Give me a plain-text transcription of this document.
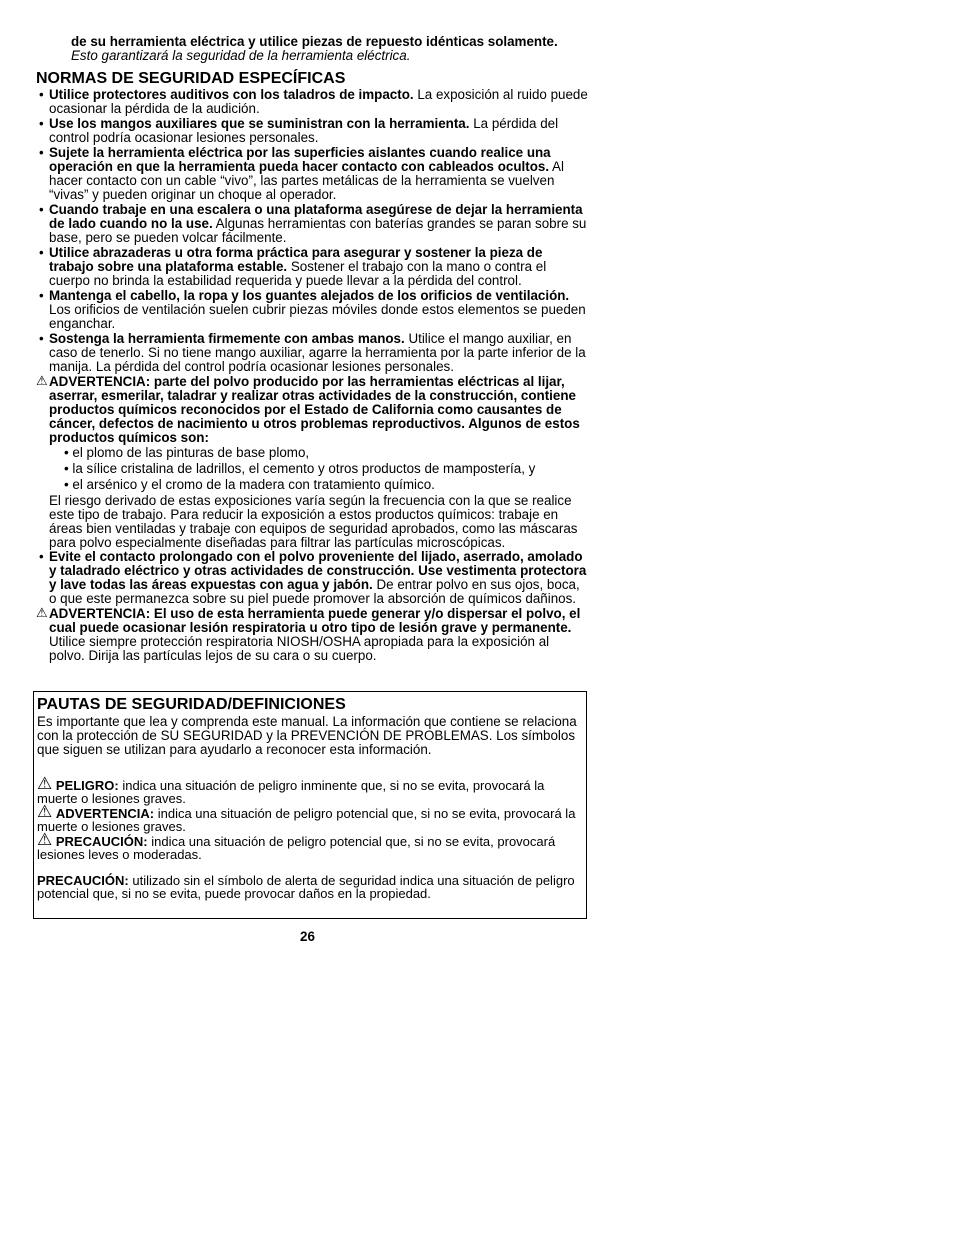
de su herramienta eléctrica y utilice piezas de repuesto idénticas solamente.
Esto garantizará la seguridad de la herramienta eléctrica.
NORMAS DE SEGURIDAD ESPECÍFICAS
• Utilice protectores auditivos con los taladros de impacto. La exposición al ruido puede ocasionar la pérdida de la audición.
• Use los mangos auxiliares que se suministran con la herramienta. La pérdida del control podría ocasionar lesiones personales.
• Sujete la herramienta eléctrica por las superficies aislantes cuando realice una operación en que la herramienta pueda hacer contacto con cableados ocultos. Al hacer contacto con un cable “vivo”, las partes metálicas de la herramienta se vuelven “vivas” y pueden originar un choque al operador.
• Cuando trabaje en una escalera o una plataforma asegúrese de dejar la herramienta de lado cuando no la use. Algunas herramientas con baterías grandes se paran sobre su base, pero se pueden volcar fácilmente.
• Utilice abrazaderas u otra forma práctica para asegurar y sostener la pieza de trabajo sobre una plataforma estable. Sostener el trabajo con la mano o contra el cuerpo no brinda la estabilidad requerida y puede llevar a la pérdida del control.
• Mantenga el cabello, la ropa y los guantes alejados de los orificios de ventilación. Los orificios de ventilación suelen cubrir piezas móviles donde estos elementos se pueden enganchar.
• Sostenga la herramienta firmemente con ambas manos. Utilice el mango auxiliar, en caso de tenerlo. Si no tiene mango auxiliar, agarre la herramienta por la parte inferior de la manija. La pérdida del control podría ocasionar lesiones personales.
⚠ ADVERTENCIA: parte del polvo producido por las herramientas eléctricas al lijar, aserrar, esmerilar, taladrar y realizar otras actividades de la construcción, contiene productos químicos reconocidos por el Estado de California como causantes de cáncer, defectos de nacimiento u otros problemas reproductivos. Algunos de estos productos químicos son:
• el plomo de las pinturas de base plomo,
• la sílice cristalina de ladrillos, el cemento y otros productos de mampostería, y
• el arsénico y el cromo de la madera con tratamiento químico.
El riesgo derivado de estas exposiciones varía según la frecuencia con la que se realice este tipo de trabajo. Para reducir la exposición a estos productos químicos: trabaje en áreas bien ventiladas y trabaje con equipos de seguridad aprobados, como las máscaras para polvo especialmente diseñadas para filtrar las partículas microscópicas.
• Evite el contacto prolongado con el polvo proveniente del lijado, aserrado, amolado y taladrado eléctrico y otras actividades de construcción. Use vestimenta protectora y lave todas las áreas expuestas con agua y jabón. De entrar polvo en sus ojos, boca, o que este permanezca sobre su piel puede promover la absorción de químicos dañinos.
⚠ ADVERTENCIA: El uso de esta herramienta puede generar y/o dispersar el polvo, el cual puede ocasionar lesión respiratoria u otro tipo de lesión grave y permanente. Utilice siempre protección respiratoria NIOSH/OSHA apropiada para la exposición al polvo. Dirija las partículas lejos de su cara o su cuerpo.
PAUTAS DE SEGURIDAD/DEFINICIONES

Es importante que lea y comprenda este manual. La información que contiene se relaciona con la protección de SU SEGURIDAD y la PREVENCIÓN DE PROBLEMAS. Los símbolos que siguen se utilizan para ayudarlo a reconocer esta información.

⚠ PELIGRO: indica una situación de peligro inminente que, si no se evita, provocará la muerte o lesiones graves.

⚠ ADVERTENCIA: indica una situación de peligro potencial que, si no se evita, provocará la muerte o lesiones graves.

⚠ PRECAUCIÓN: indica una situación de peligro potencial que, si no se evita, provocará lesiones leves o moderadas.

PRECAUCIÓN: utilizado sin el símbolo de alerta de seguridad indica una situación de peligro potencial que, si no se evita, puede provocar daños en la propiedad.

26
